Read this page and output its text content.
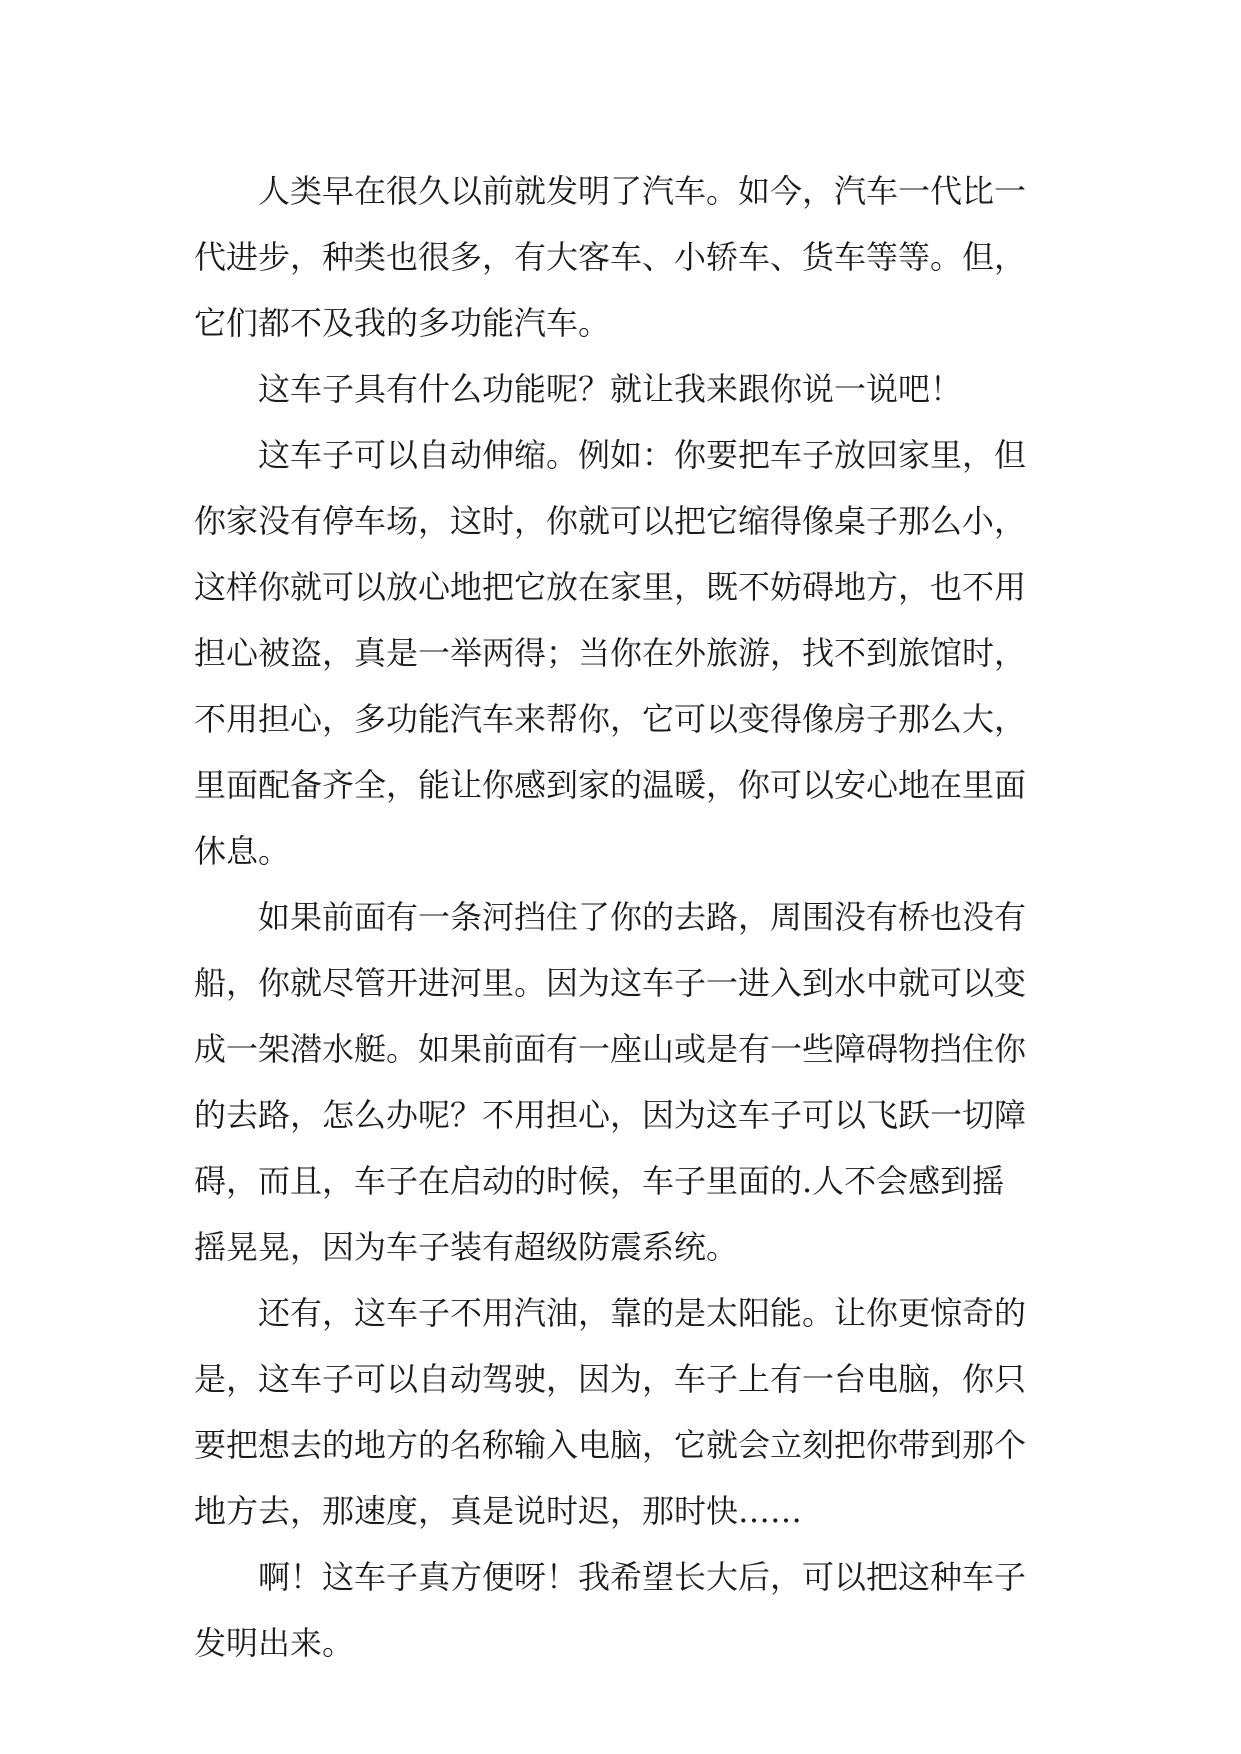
人类早在很久以前就发明了汽车。如今，汽车一代比一
代进步，种类也很多，有大客车、小轿车、货车等等。但，
它们都不及我的多功能汽车。
这车子具有什么功能呢？就让我来跟你说一说吧！
这车子可以自动伸缩。例如：你要把车子放回家里，但
你家没有停车场，这时，你就可以把它缩得像桌子那么小，
这样你就可以放心地把它放在家里，既不妨碍地方，也不用
担心被盗，真是一举两得；当你在外旅游，找不到旅馆时，
不用担心，多功能汽车来帮你，它可以变得像房子那么大，
里面配备齐全，能让你感到家的温暖，你可以安心地在里面
休息。
如果前面有一条河挡住了你的去路，周围没有桥也没有
船，你就尽管开进河里。因为这车子一进入到水中就可以变
成一架潜水艇。如果前面有一座山或是有一些障碍物挡住你
的去路，怎么办呢？不用担心，因为这车子可以飞跃一切障
碍，而且，车子在启动的时候，车子里面的.人不会感到摇
摇晃晃，因为车子装有超级防震系统。
还有，这车子不用汽油，靠的是太阳能。让你更惊奇的
是，这车子可以自动驾驶，因为，车子上有一台电脑，你只
要把想去的地方的名称输入电脑，它就会立刻把你带到那个
地方去，那速度，真是说时迟，那时快……
啊！这车子真方便呀！我希望长大后，可以把这种车子
发明出来。
